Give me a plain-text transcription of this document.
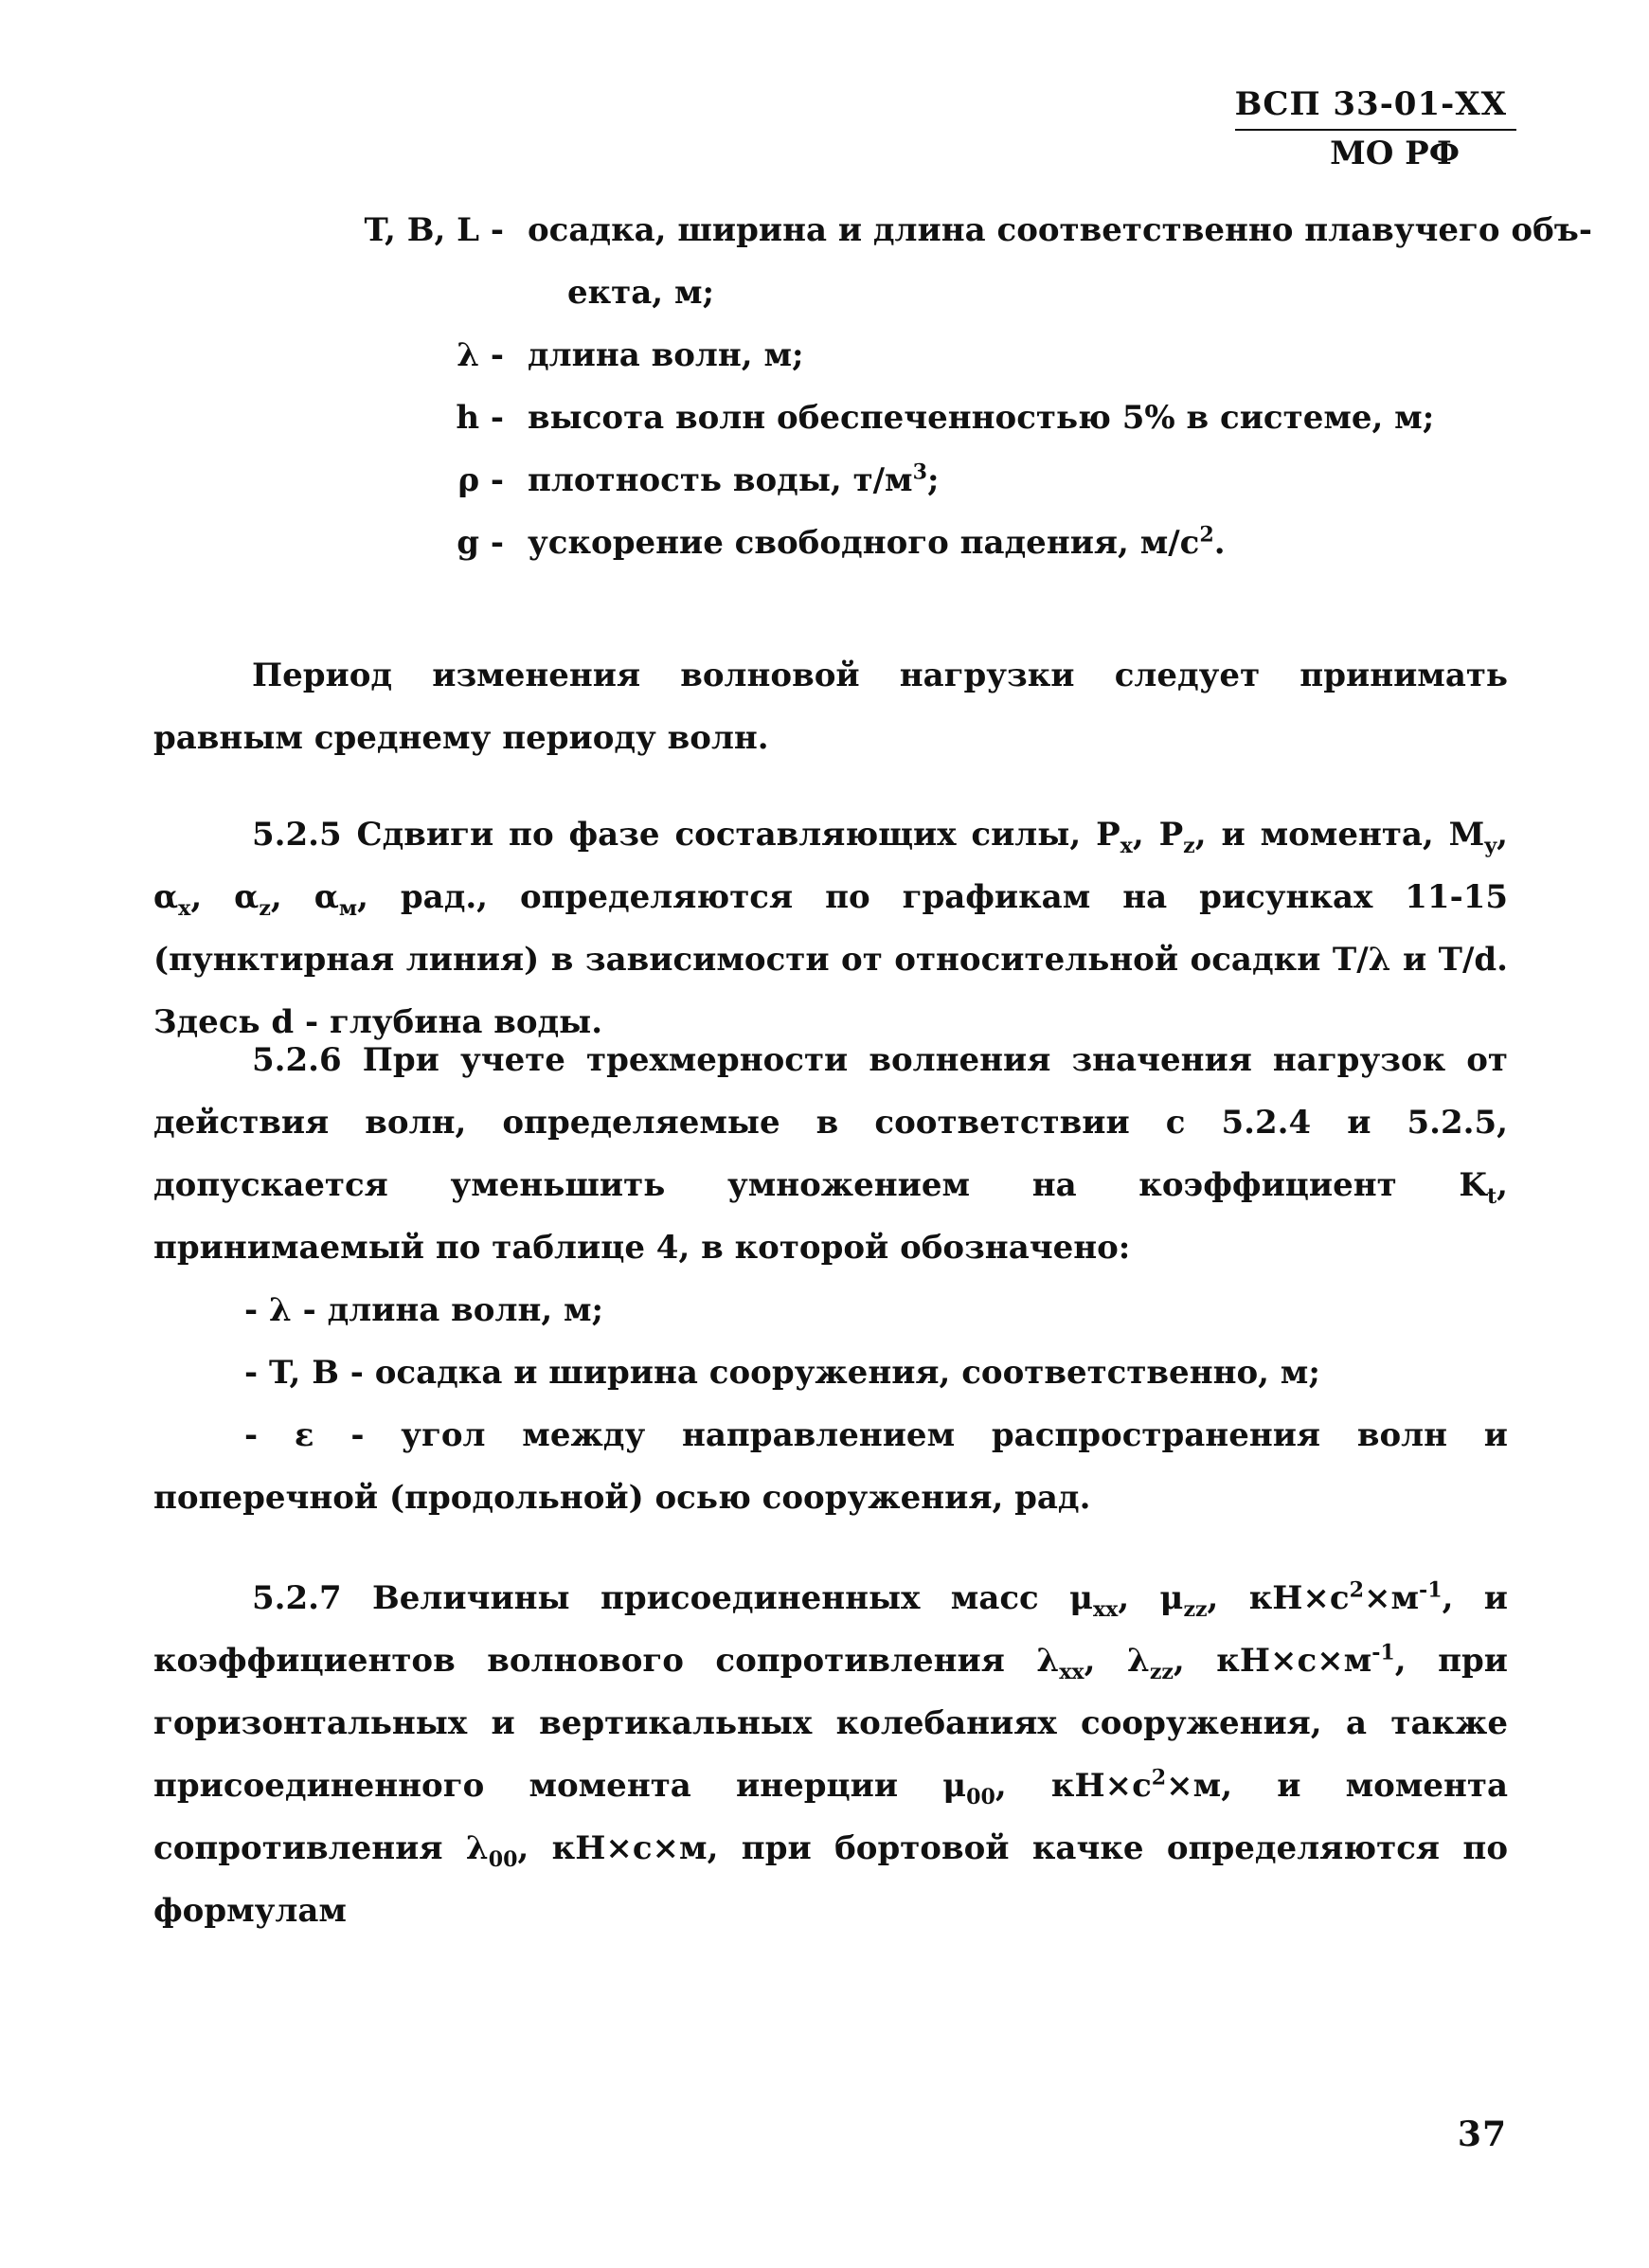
ВСП 33-01-ХХ
МО РФ
T, B, L - осадка, ширина и длина соответственно плавучего объ-
екта, м;
λ - длина волн, м;
h - высота волн обеспеченностью 5% в системе, м;
ρ - плотность воды, $т/м^3$;
g - ускорение свободного падения, $м/с^2$.

Период изменения волновой нагрузки следует принимать равным среднему периоду волн.

5.2.5 Сдвиги по фазе составляющих силы, $P_x$, $P_z$, и момента, $M_y$, $\alpha_x$, $\alpha_z$, $\alpha_м$, рад., определяются по графикам на рисунках 11-15 (пунктирная линия) в зависимости от относительной осадки T/λ и T/d. Здесь d - глубина воды.

5.2.6 При учете трехмерности волнения значения нагрузок от действия волн, определяемые в соответствии с 5.2.4 и 5.2.5, допускается уменьшить умножением на коэффициент $K_t$, принимаемый по таблице 4, в которой обозначено:

- λ - длина волн, м;
- T, B - осадка и ширина сооружения, соответственно, м;
- ε - угол между направлением распространения волн и поперечной (продольной) осью сооружения, рад.

5.2.7 Величины присоединенных масс $\mu_{xx}$, $\mu_{zz}$, $кН\times с^2\times м^{-1}$, и коэффициентов волнового сопротивления $\lambda_{xx}$, $\lambda_{zz}$, $кН\times с\times м^{-1}$, при горизонтальных и вертикальных колебаниях сооружения, а также присоединенного момента инерции $\mu_{00}$, $кН\times с^2\times м$, и момента сопротивления $\lambda_{00}$, кН×с×м, при бортовой качке определяются по формулам

37
